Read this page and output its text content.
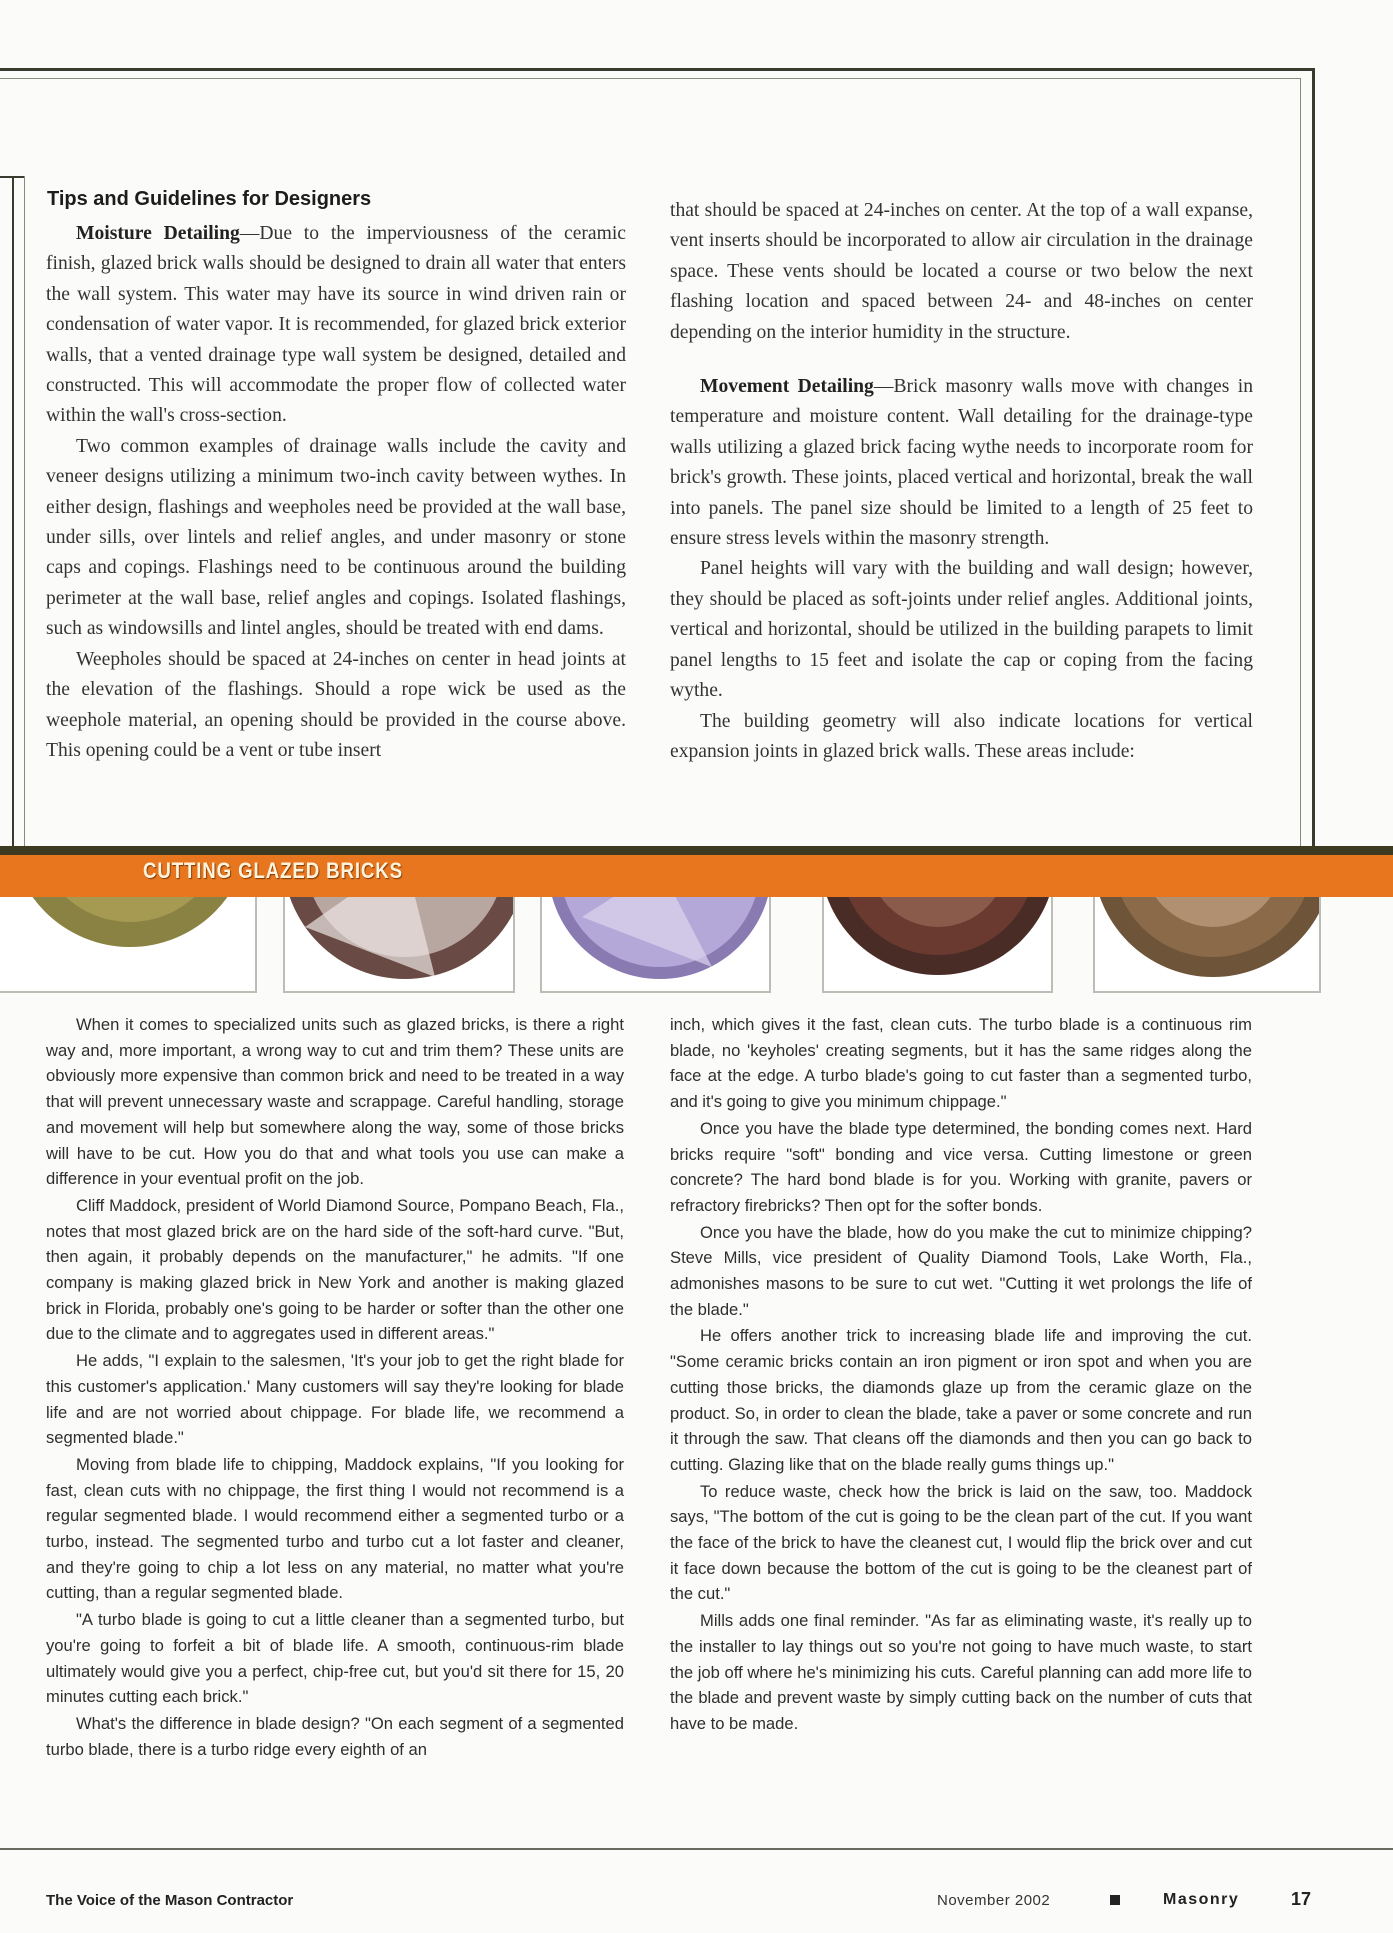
Tips and Guidelines for Designers

Moisture Detailing—Due to the imperviousness of the ceramic finish, glazed brick walls should be designed to drain all water that enters the wall system. This water may have its source in wind driven rain or condensation of water vapor. It is recommended, for glazed brick exterior walls, that a vented drainage type wall system be designed, detailed and constructed. This will accommodate the proper flow of collected water within the wall's cross-section.

Two common examples of drainage walls include the cavity and veneer designs utilizing a minimum two-inch cavity between wythes. In either design, flashings and weepholes need be provided at the wall base, under sills, over lintels and relief angles, and under masonry or stone caps and copings. Flashings need to be continuous around the building perimeter at the wall base, relief angles and copings. Isolated flashings, such as windowsills and lintel angles, should be treated with end dams.

Weepholes should be spaced at 24-inches on center in head joints at the elevation of the flashings. Should a rope wick be used as the weephole material, an opening should be provided in the course above. This opening could be a vent or tube insert

that should be spaced at 24-inches on center. At the top of a wall expanse, vent inserts should be incorporated to allow air circulation in the drainage space. These vents should be located a course or two below the next flashing location and spaced between 24- and 48-inches on center depending on the interior humidity in the structure.

Movement Detailing—Brick masonry walls move with changes in temperature and moisture content. Wall detailing for the drainage-type walls utilizing a glazed brick facing wythe needs to incorporate room for brick's growth. These joints, placed vertical and horizontal, break the wall into panels. The panel size should be limited to a length of 25 feet to ensure stress levels within the masonry strength.

Panel heights will vary with the building and wall design; however, they should be placed as soft-joints under relief angles. Additional joints, vertical and horizontal, should be utilized in the building parapets to limit panel lengths to 15 feet and isolate the cap or coping from the facing wythe.

The building geometry will also indicate locations for vertical expansion joints in glazed brick walls. These areas include:

CUTTING GLAZED BRICKS

When it comes to specialized units such as glazed bricks, is there a right way and, more important, a wrong way to cut and trim them? These units are obviously more expensive than common brick and need to be treated in a way that will prevent unnecessary waste and scrappage. Careful handling, storage and movement will help but somewhere along the way, some of those bricks will have to be cut. How you do that and what tools you use can make a difference in your eventual profit on the job.

Cliff Maddock, president of World Diamond Source, Pompano Beach, Fla., notes that most glazed brick are on the hard side of the soft-hard curve. "But, then again, it probably depends on the manufacturer," he admits. "If one company is making glazed brick in New York and another is making glazed brick in Florida, probably one's going to be harder or softer than the other one due to the climate and to aggregates used in different areas."

He adds, "I explain to the salesmen, 'It's your job to get the right blade for this customer's application.' Many customers will say they're looking for blade life and are not worried about chippage. For blade life, we recommend a segmented blade."

Moving from blade life to chipping, Maddock explains, "If you looking for fast, clean cuts with no chippage, the first thing I would not recommend is a regular segmented blade. I would recommend either a segmented turbo or a turbo, instead. The segmented turbo and turbo cut a lot faster and cleaner, and they're going to chip a lot less on any material, no matter what you're cutting, than a regular segmented blade.

"A turbo blade is going to cut a little cleaner than a segmented turbo, but you're going to forfeit a bit of blade life. A smooth, continuous-rim blade ultimately would give you a perfect, chip-free cut, but you'd sit there for 15, 20 minutes cutting each brick."

What's the difference in blade design? "On each segment of a segmented turbo blade, there is a turbo ridge every eighth of an

inch, which gives it the fast, clean cuts. The turbo blade is a continuous rim blade, no 'keyholes' creating segments, but it has the same ridges along the face at the edge. A turbo blade's going to cut faster than a segmented turbo, and it's going to give you minimum chippage."

Once you have the blade type determined, the bonding comes next. Hard bricks require "soft" bonding and vice versa. Cutting limestone or green concrete? The hard bond blade is for you. Working with granite, pavers or refractory firebricks? Then opt for the softer bonds.

Once you have the blade, how do you make the cut to minimize chipping? Steve Mills, vice president of Quality Diamond Tools, Lake Worth, Fla., admonishes masons to be sure to cut wet. "Cutting it wet prolongs the life of the blade."

He offers another trick to increasing blade life and improving the cut. "Some ceramic bricks contain an iron pigment or iron spot and when you are cutting those bricks, the diamonds glaze up from the ceramic glaze on the product. So, in order to clean the blade, take a paver or some concrete and run it through the saw. That cleans off the diamonds and then you can go back to cutting. Glazing like that on the blade really gums things up."

To reduce waste, check how the brick is laid on the saw, too. Maddock says, "The bottom of the cut is going to be the clean part of the cut. If you want the face of the brick to have the cleanest cut, I would flip the brick over and cut it face down because the bottom of the cut is going to be the cleanest part of the cut."

Mills adds one final reminder. "As far as eliminating waste, it's really up to the installer to lay things out so you're not going to have much waste, to start the job off where he's minimizing his cuts. Careful planning can add more life to the blade and prevent waste by simply cutting back on the number of cuts that have to be made.

The Voice of the Mason Contractor	November 2002	Masonry	17
